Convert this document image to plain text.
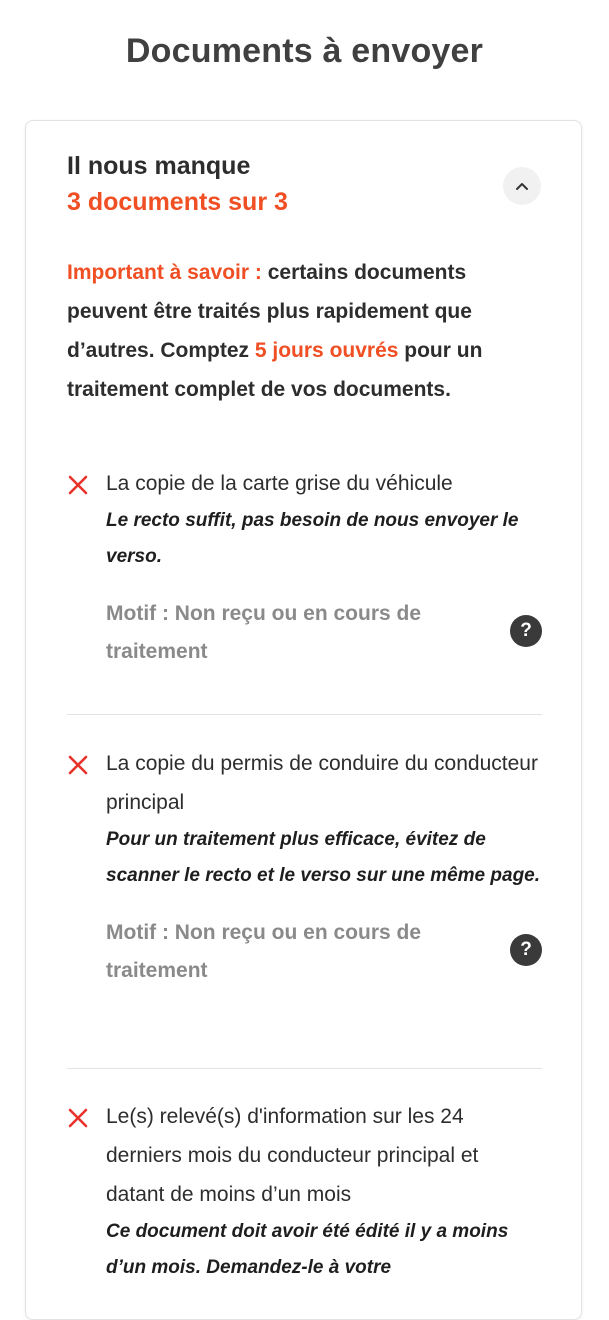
Documents à envoyer
Il nous manque
3 documents sur 3
Important à savoir : certains documents peuvent être traités plus rapidement que d’autres. Comptez 5 jours ouvrés pour un traitement complet de vos documents.
La copie de la carte grise du véhicule
Le recto suffit, pas besoin de nous envoyer le verso.
Motif : Non reçu ou en cours de traitement
?
La copie du permis de conduire du conducteur principal
Pour un traitement plus efficace, évitez de scanner le recto et le verso sur une même page.
Motif : Non reçu ou en cours de traitement
?
Le(s) relevé(s) d'information sur les 24 derniers mois du conducteur principal et datant de moins d’un mois
Ce document doit avoir été édité il y a moins d’un mois. Demandez-le à votre
